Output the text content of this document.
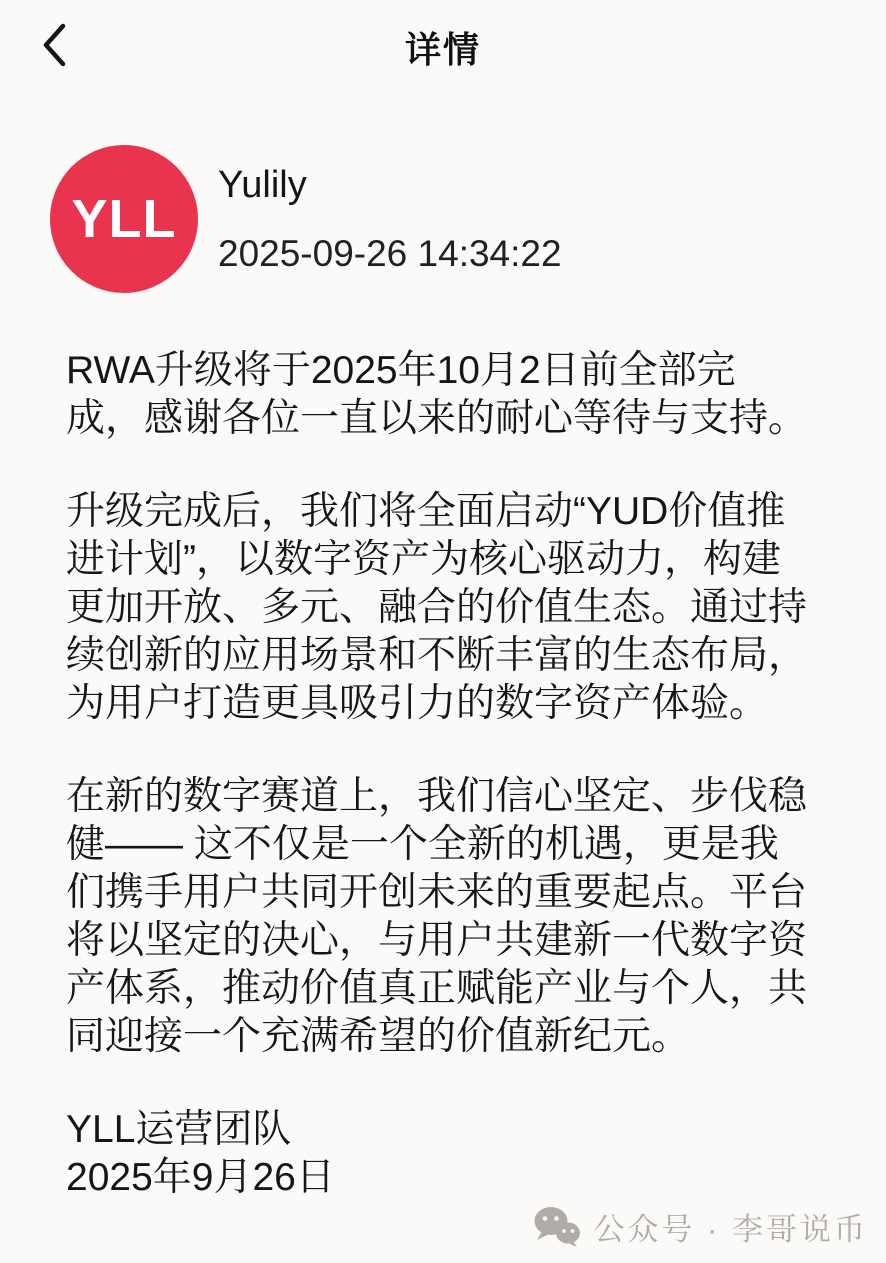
详情
YLL
Yulily
2025-09-26 14:34:22
RWA升级将于2025年10月2日前全部完
成，感谢各位一直以来的耐心等待与支持。
升级完成后，我们将全面启动“YUD价值推
进计划”，以数字资产为核心驱动力，构建
更加开放、多元、融合的价值生态。通过持
续创新的应用场景和不断丰富的生态布局，
为用户打造更具吸引力的数字资产体验。
在新的数字赛道上，我们信心坚定、步伐稳
健—— 这不仅是一个全新的机遇，更是我
们携手用户共同开创未来的重要起点。平台
将以坚定的决心，与用户共建新一代数字资
产体系，推动价值真正赋能产业与个人，共
同迎接一个充满希望的价值新纪元。
YLL运营团队
2025年9月26日
公众号 · 李哥说币
